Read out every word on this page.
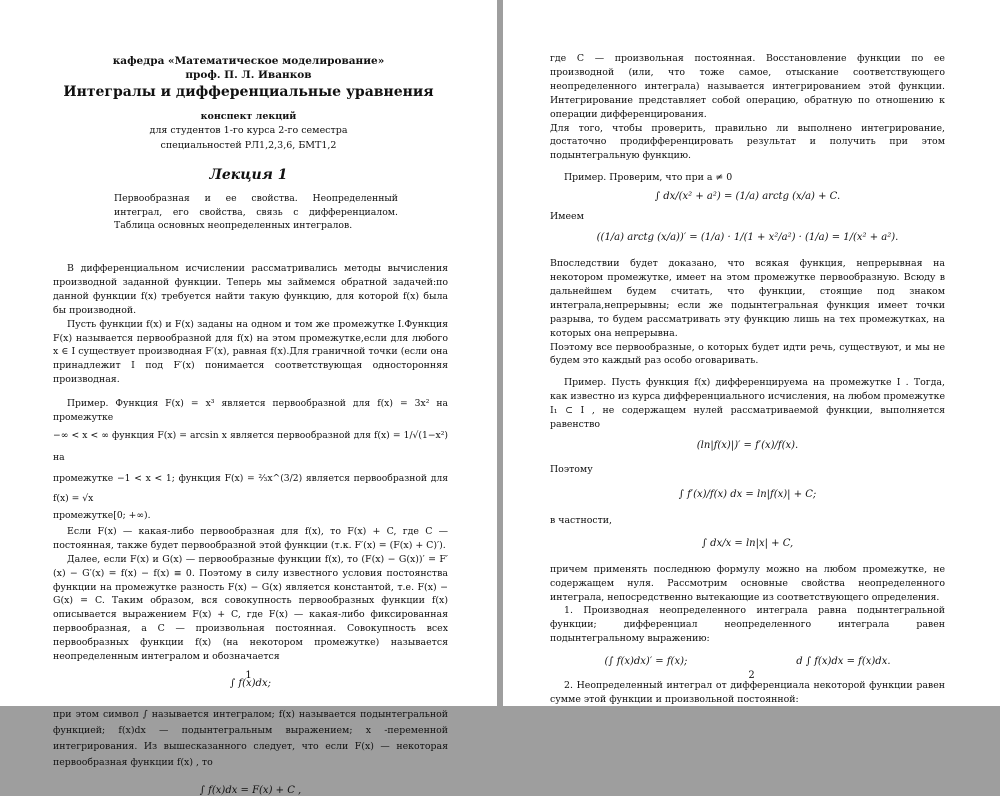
кафедра «Математическое моделирование»
проф. П. Л. Иванков
Интегралы и дифференциальные уравнения
конспект лекций
для студентов 1-го курса 2-го семестра
специальностей РЛ1,2,3,6, БМТ1,2
Лекция 1

Первообразная и ее свойства. Неопределенный интеграл, его свойства, связь с дифференциалом. Таблица основных неопределенных интегралов.

В дифференциальном исчислении рассматривались методы вычисления производной заданной функции. Теперь мы займемся обратной задачей:по данной функции f(x) требуется найти такую функцию, для которой f(x) была бы производной.

Пусть функции f(x) и F(x) заданы на одном и том же промежутке I.Функция F(x) называется первообразной для f(x) на этом промежутке,если для любого x ∈ I существует производная F′(x), равная f(x).Для граничной точки (если она принадлежит I под F′(x) понимается соответствующая односторонняя производная.

Пример. Функция F(x) = x³ является первообразной для f(x) = 3x² на промежутке

−∞ < x < ∞ функция F(x) = arcsin x является первообразной для f(x) = 1/√(1−x²) на

промежутке −1 < x < 1; функция F(x) = ⅔x^(3/2) является первообразной для f(x) = √x

промежутке[0; +∞).

Если F(x) — какая-либо первообразная для f(x), то F(x) + C, где C — постоянная, также будет первообразной этой функции (т.к. F′(x) = (F(x) + C)′).

Далее, если F(x) и G(x) — первообразные функции f(x), то (F(x) − G(x))′ = F′(x) − G′(x) = f(x) − f(x) ≡ 0. Поэтому в силу известного условия постоянства функции на промежутке разность F(x) − G(x) является константой, т.е. F(x) − G(x) = C. Таким образом, вся совокупность первообразных функции f(x) описывается выражением F(x) + C, где F(x) — какая-либо фиксированная первообразная, а C — произвольная постоянная. Совокупность всех первообразных функции f(x) (на некотором промежутке) называется неопределенным интегралом и обозначается

∫ f(x)dx;

при этом символ ∫ называется интегралом; f(x) называется подынтегральной функцией; f(x)dx — подынтегральным выражением; x -переменной интегрирования. Из вышесказанного следует, что если F(x) — некоторая первообразная функции f(x) , то

∫ f(x)dx = F(x) + C ,
1

где C — произвольная постоянная. Восстановление функции по ее производной (или, что тоже самое, отыскание соответствующего неопределенного интеграла) называется интегрированием этой функции. Интегрирование представляет собой операцию, обратную по отношению к операции дифференцирования.

Для того, чтобы проверить, правильно ли выполнено интегрирование, достаточно продифференцировать результат и получить при этом подынтегральную функцию.

Пример. Проверим, что при a ≠ 0

∫ dx/(x² + a²) = (1/a) arctg (x/a) + C.

Имеем

((1/a) arctg (x/a))′ = (1/a) · 1/(1 + x²/a²) · (1/a) = 1/(x² + a²).

Впоследствии будет доказано, что всякая функция, непрерывная на некотором промежутке, имеет на этом промежутке первообразную. Всюду в дальнейшем будем считать, что функции, стоящие под знаком интеграла,непрерывны; если же подынтегральная функция имеет точки разрыва, то будем рассматривать эту функцию лишь на тех промежутках, на которых она непрерывна.

Поэтому все первообразные, о которых будет идти речь, существуют, и мы не будем это каждый раз особо оговаривать.

Пример. Пусть функция f(x) дифференцируема на промежутке I . Тогда, как известно из курса дифференциального исчисления, на любом промежутке I₁ ⊂ I , не содержащем нулей рассматриваемой функции, выполняется равенство

(ln|f(x)|)′ = f′(x)/f(x).

Поэтому

∫ f′(x)/f(x) dx = ln|f(x)| + C;

в частности,

∫ dx/x = ln|x| + C,

причем применять последнюю формулу можно на любом промежутке, не содержащем нуля. Рассмотрим основные свойства неопределенного интеграла, непосредственно вытекающие из соответствующего определения.

1. Производная неопределенного интеграла равна подынтегральной функции; дифференциал неопределенного интеграла равен подынтегральному выражению:

(∫ f(x)dx)′ = f(x);	d ∫ f(x)dx = f(x)dx.

2. Неопределенный интеграл от дифференциала некоторой функции равен сумме этой функции и произвольной постоянной:

2
